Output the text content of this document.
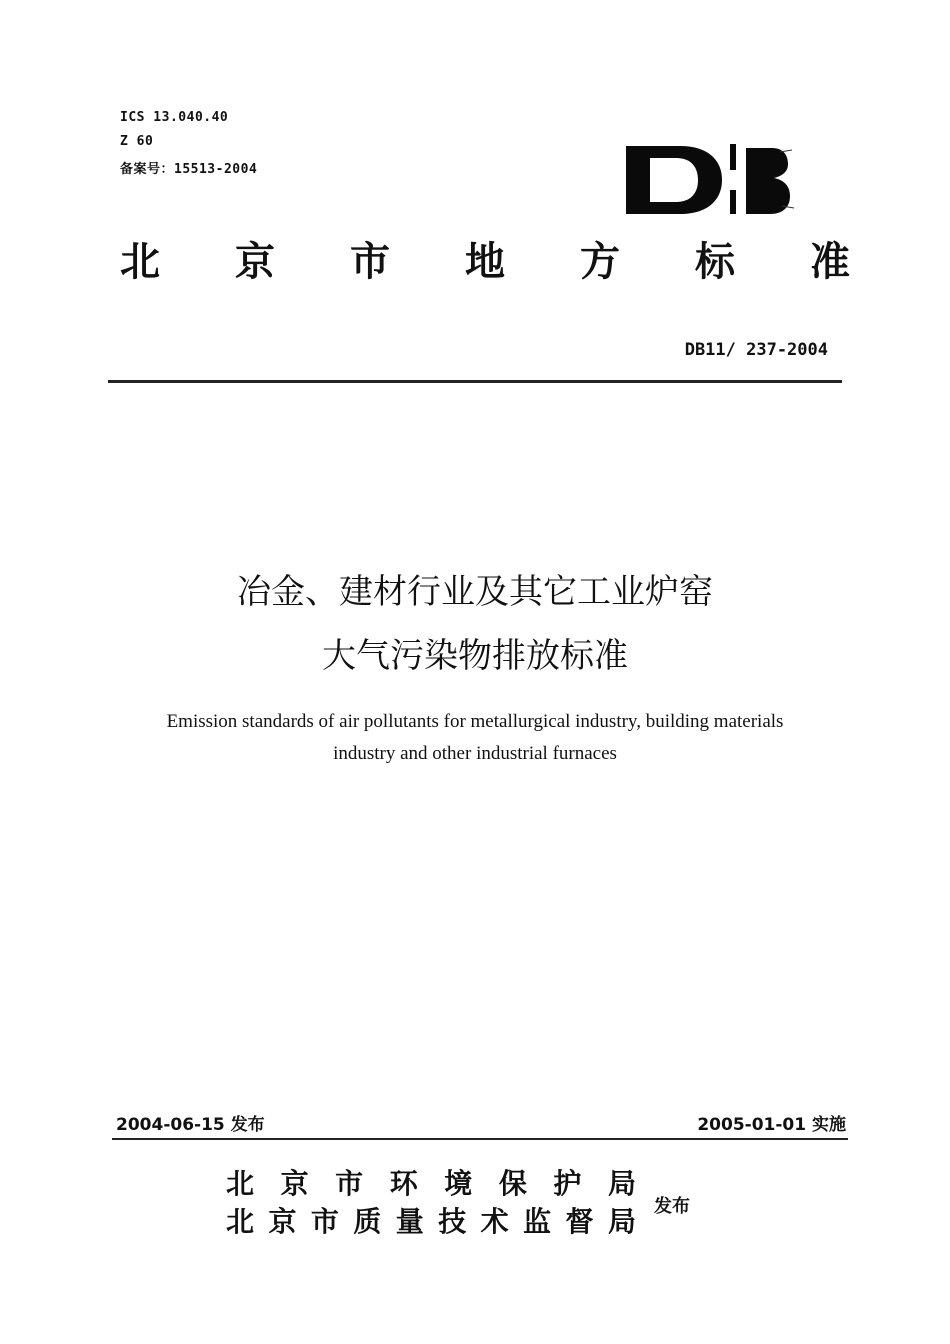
ICS 13.040.40
Z 60
备案号：15513-2004
北 京 市 地 方 标 准
DB11/ 237-2004
冶金、建材行业及其它工业炉窑
大气污染物排放标准
Emission standards of air pollutants for metallurgical industry, building materials
industry and other industrial furnaces
2004-06-15 发布	2005-01-01 实施
北 京 市 环 境 保 护 局
北 京 市 质 量 技 术 监 督 局 发布
